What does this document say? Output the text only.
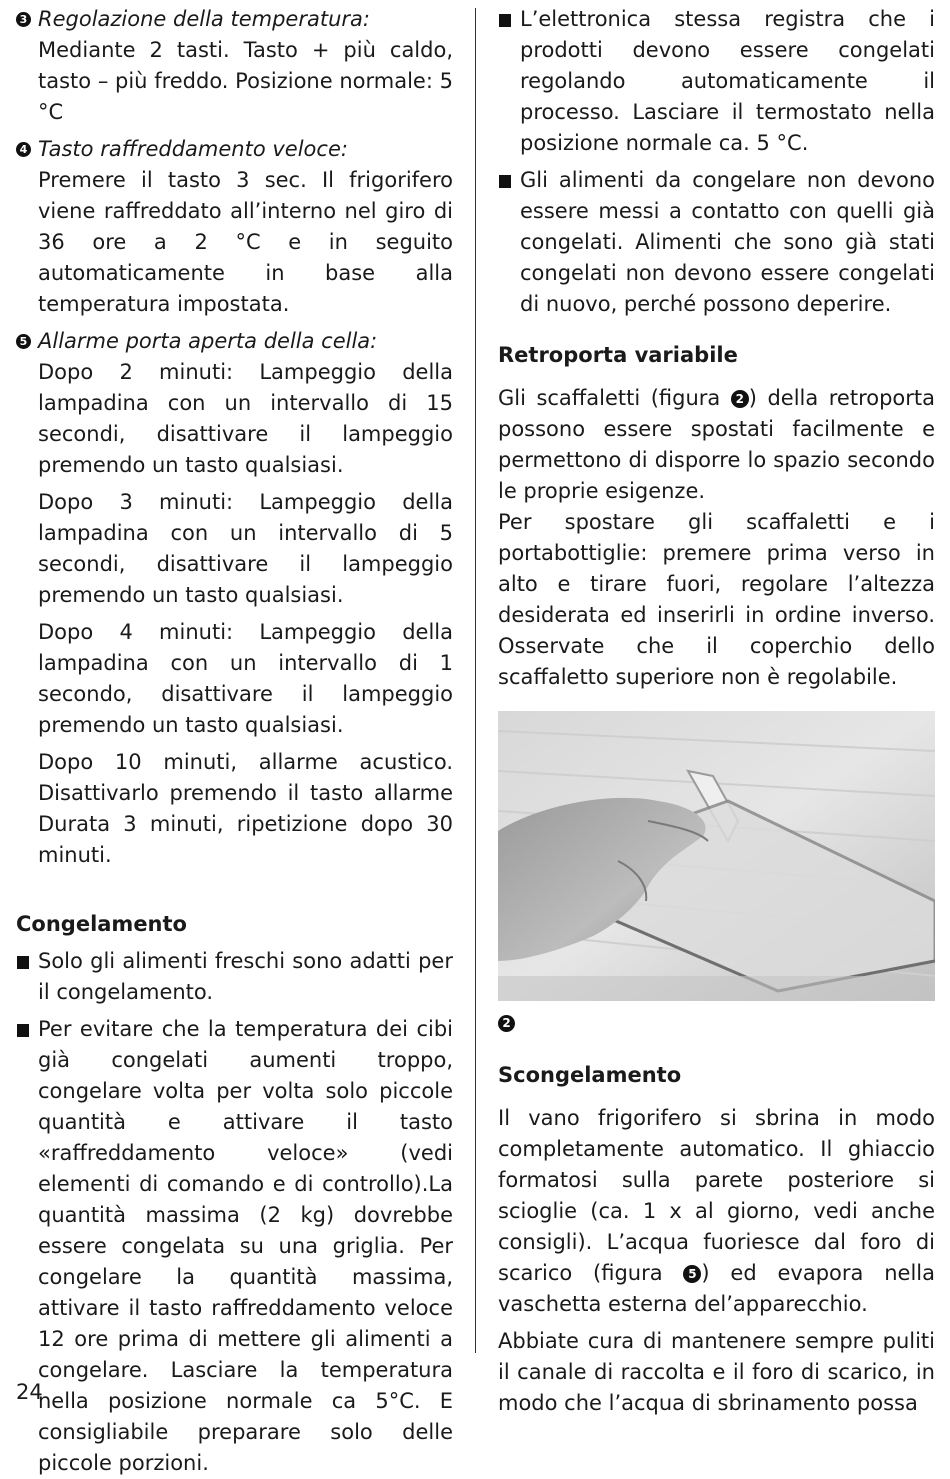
3 Regolazione della temperatura:

Mediante 2 tasti. Tasto + più caldo, tasto – più freddo. Posizione normale: 5 °C

4 Tasto raffreddamento veloce:

Premere il tasto 3 sec. Il frigorifero viene raffreddato all’interno nel giro di 36 ore a 2 °C e in seguito automaticamente in base alla temperatura impostata.

5 Allarme porta aperta della cella:

Dopo 2 minuti: Lampeggio della lampadina con un intervallo di 15 secondi, disattivare il lampeggio premendo un tasto qualsiasi.

Dopo 3 minuti: Lampeggio della lampadina con un intervallo di 5 secondi, disattivare il lampeggio premendo un tasto qualsiasi.

Dopo 4 minuti: Lampeggio della lampadina con un intervallo di 1 secondo, disattivare il lampeggio premendo un tasto qualsiasi.

Dopo 10 minuti, allarme acustico. Disattivarlo premendo il tasto allarme Durata 3 minuti, ripetizione dopo 30 minuti.

Congelamento

Solo gli alimenti freschi sono adatti per il congelamento.

Per evitare che la temperatura dei cibi già congelati aumenti troppo, congelare volta per volta solo piccole quantità e attivare il tasto «raffreddamento veloce» (vedi elementi di comando e di controllo).La quantità massima (2 kg) dovrebbe essere congelata su una griglia. Per congelare la quantità massima, attivare il tasto raffreddamento veloce 12 ore prima di mettere gli alimenti a congelare. Lasciare la temperatura nella posizione normale ca 5°C. E consigliabile preparare solo delle piccole porzioni.

L’elettronica stessa registra che i prodotti devono essere congelati regolando automaticamente il processo. Lasciare il termostato nella posizione normale ca. 5 °C.

Gli alimenti da congelare non devono essere messi a contatto con quelli già congelati. Alimenti che sono già stati congelati non devono essere congelati di nuovo, perché possono deperire.

Retroporta variabile

Gli scaffaletti (figura 2 ) della retroporta possono essere spostati facilmente e permettono di disporre lo spazio secondo le proprie esigenze.

Per spostare gli scaffaletti e i portabottiglie: premere prima verso in alto e tirare fuori, regolare l’altezza desiderata ed inserirli in ordine inverso. Osservate che il coperchio dello scaffaletto superiore non è regolabile.

2
Scongelamento

Il vano frigorifero si sbrina in modo completamente automatico. Il ghiaccio formatosi sulla parete posteriore si scioglie (ca. 1 x al giorno, vedi anche consigli). L’acqua fuoriesce dal foro di scarico (figura 5 ) ed evapora nella vaschetta esterna del’apparecchio.

Abbiate cura di mantenere sempre puliti il canale di raccolta e il foro di scarico, in modo che l’acqua di sbrinamento possa

24
